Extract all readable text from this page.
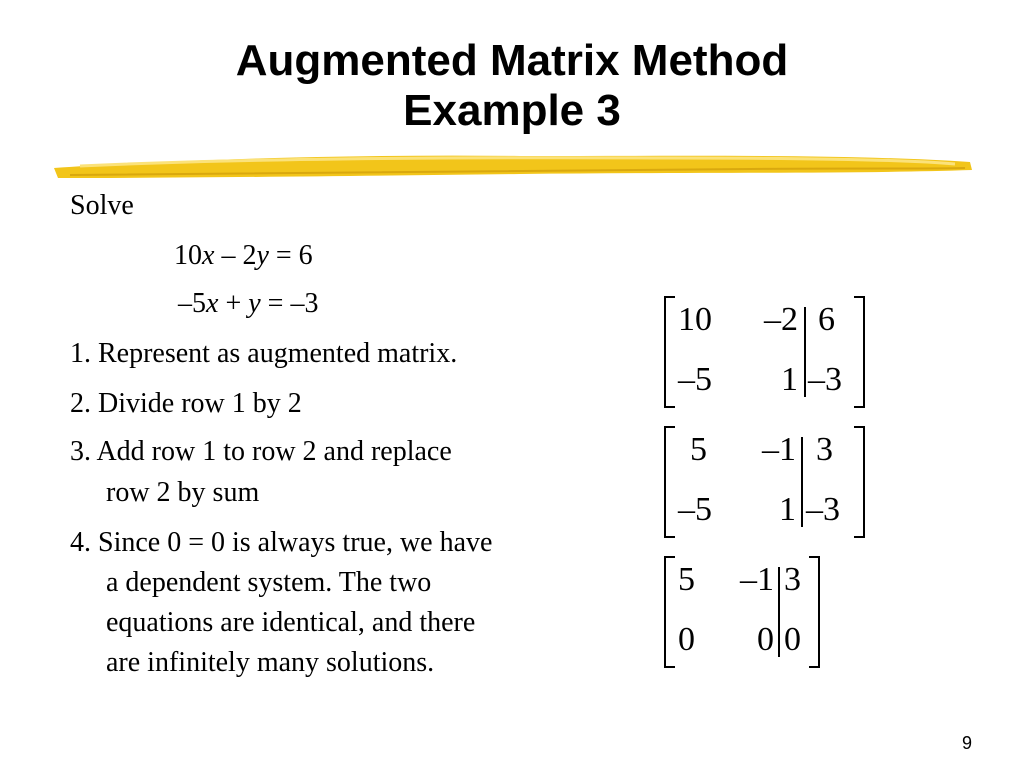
Augmented Matrix Method
Example 3
Solve
10x – 2y = 6
–5x + y = –3
1. Represent as augmented matrix.
2. Divide row 1 by 2
3. Add row 1 to row 2 and replace
row 2 by sum
4. Since 0 = 0 is always true, we have
a dependent system. The two
equations are identical, and there
are infinitely many solutions.
10	–2 6
–5	1 –3
5	–1 3
–5	1 –3
5	–1 3
0	0 0
9
